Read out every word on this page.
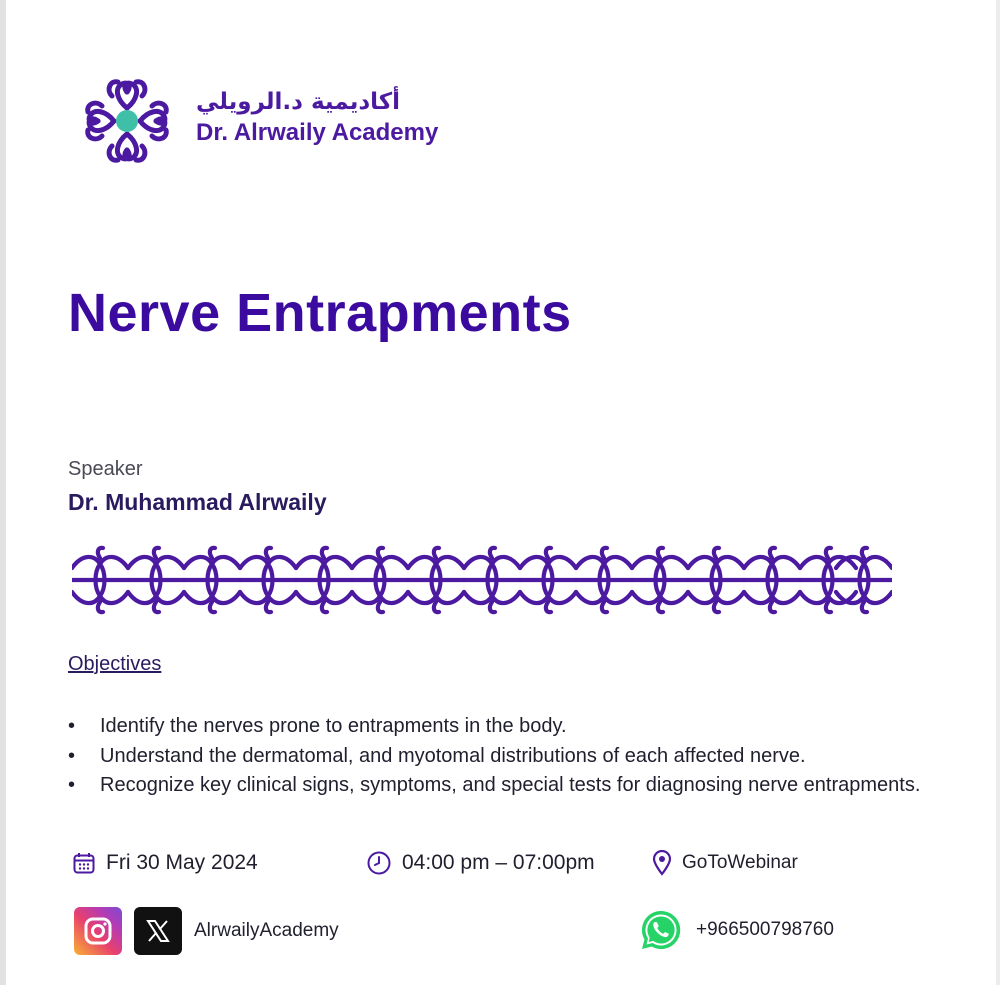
أكاديمية د.الرويلي
Dr. Alrwaily Academy
Nerve Entrapments
Speaker
Dr. Muhammad Alrwaily
Objectives
• Identify the nerves prone to entrapments in the body.
• Understand the dermatomal, and myotomal distributions of each affected nerve.
• Recognize key clinical signs, symptoms, and special tests for diagnosing nerve entrapments.
Fri 30 May 2024	04:00 pm – 07:00pm	GoToWebinar
AlrwailyAcademy	+966500798760
